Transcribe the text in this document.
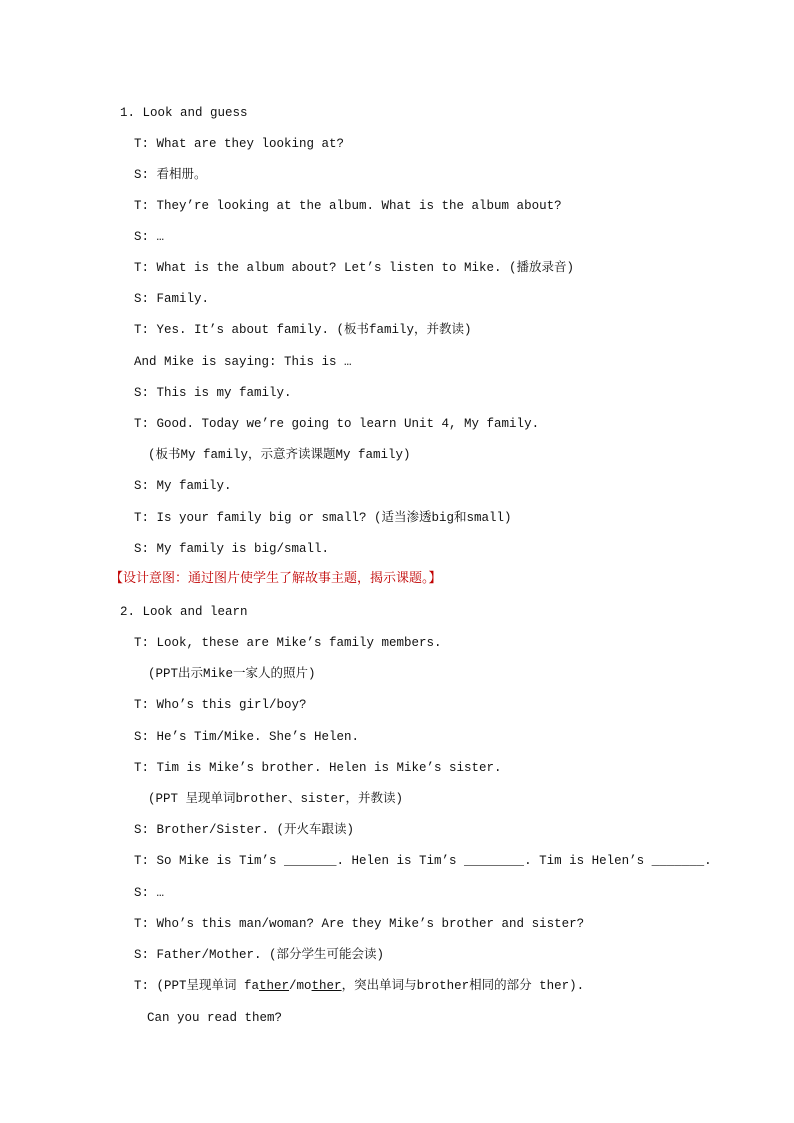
1. Look and guess
T: What are they looking at?
S: 看相册。
T: They’re looking at the album. What is the album about?
S: …
T: What is the album about? Let’s listen to Mike. (播放录音)
S: Family.
T: Yes. It’s about family. (板书family，并教读)
And Mike is saying: This is …
S: This is my family.
T: Good. Today we’re going to learn Unit 4, My family.
(板书My family，示意齐读课题My family)
S: My family.
T: Is your family big or small? (适当渗透big和small)
S: My family is big/small.
【设计意图：通过图片使学生了解故事主题，揭示课题。】
2. Look and learn
T: Look, these are Mike’s family members.
(PPT出示Mike一家人的照片)
T: Who’s this girl/boy?
S: He’s Tim/Mike. She’s Helen.
T: Tim is Mike’s brother. Helen is Mike’s sister.
(PPT 呈现单词brother、sister，并教读)
S: Brother/Sister. (开火车跟读)
T: So Mike is Tim’s _______. Helen is Tim’s ________. Tim is Helen’s _______.
S: …
T: Who’s this man/woman? Are they Mike’s brother and sister?
S: Father/Mother. (部分学生可能会读)
T: (PPT呈现单词 father/mother，突出单词与brother相同的部分 ther).
Can you read them?
